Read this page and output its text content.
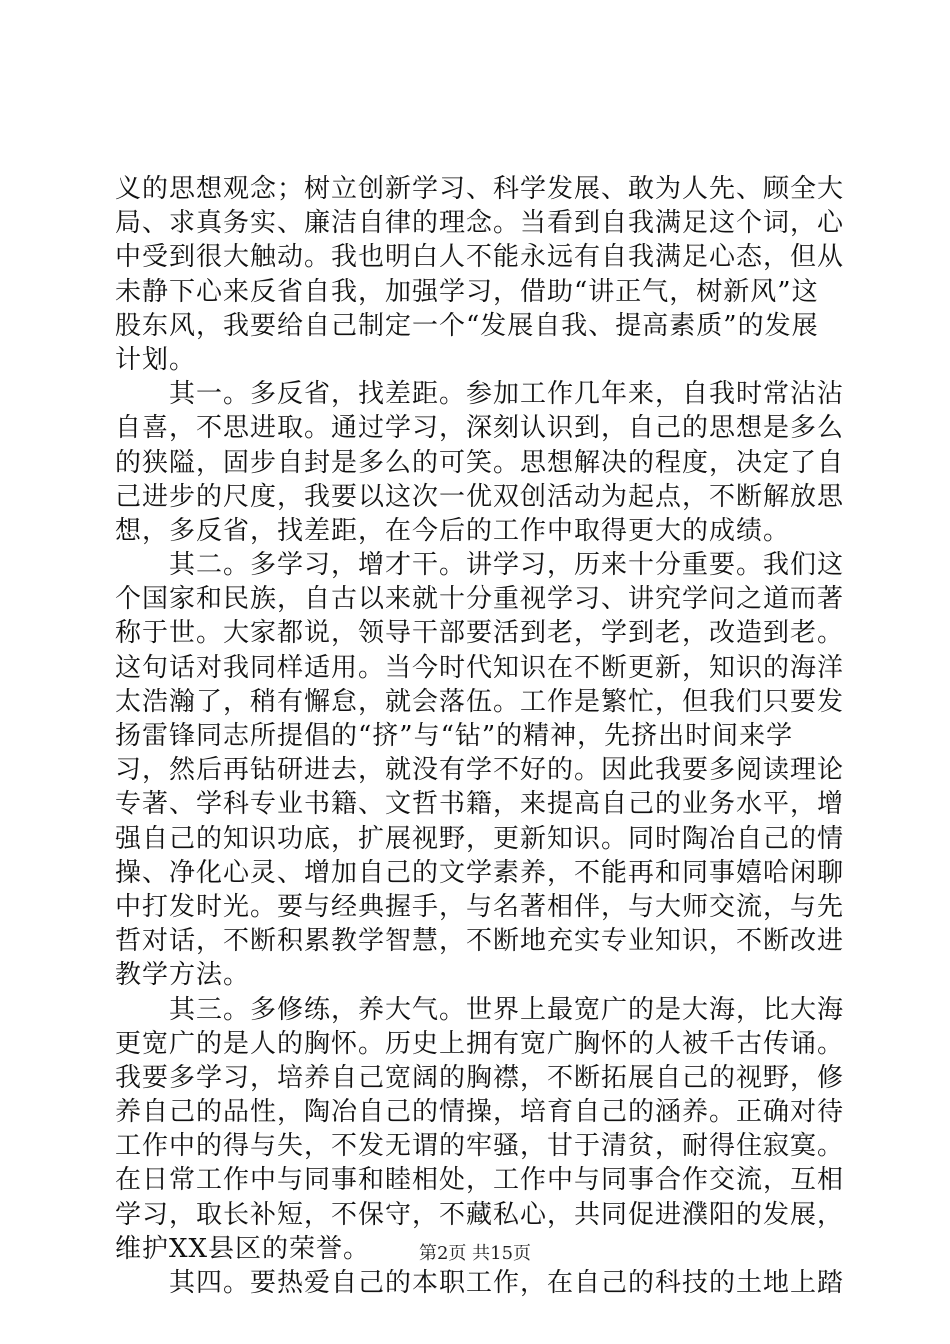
义的思想观念；树立创新学习、科学发展、敢为人先、顾全大
局、求真务实、廉洁自律的理念。当看到自我满足这个词，心
中受到很大触动。我也明白人不能永远有自我满足心态，但从
未静下心来反省自我，加强学习，借助“讲正气，树新风”这
股东风，我要给自己制定一个“发展自我、提高素质”的发展
计划。
　　其一。多反省，找差距。参加工作几年来，自我时常沾沾
自喜，不思进取。通过学习，深刻认识到，自己的思想是多么
的狭隘，固步自封是多么的可笑。思想解决的程度，决定了自
己进步的尺度，我要以这次一优双创活动为起点，不断解放思
想，多反省，找差距，在今后的工作中取得更大的成绩。
　　其二。多学习，增才干。讲学习，历来十分重要。我们这
个国家和民族，自古以来就十分重视学习、讲究学问之道而著
称于世。大家都说，领导干部要活到老，学到老，改造到老。
这句话对我同样适用。当今时代知识在不断更新，知识的海洋
太浩瀚了，稍有懈怠，就会落伍。工作是繁忙，但我们只要发
扬雷锋同志所提倡的“挤”与“钻”的精神，先挤出时间来学
习，然后再钻研进去，就没有学不好的。因此我要多阅读理论
专著、学科专业书籍、文哲书籍，来提高自己的业务水平，增
强自己的知识功底，扩展视野，更新知识。同时陶冶自己的情
操、净化心灵、增加自己的文学素养，不能再和同事嬉哈闲聊
中打发时光。要与经典握手，与名著相伴，与大师交流，与先
哲对话，不断积累教学智慧，不断地充实专业知识，不断改进
教学方法。
　　其三。多修练，养大气。世界上最宽广的是大海，比大海
更宽广的是人的胸怀。历史上拥有宽广胸怀的人被千古传诵。
我要多学习，培养自己宽阔的胸襟，不断拓展自己的视野，修
养自己的品性，陶冶自己的情操，培育自己的涵养。正确对待
工作中的得与失，不发无谓的牢骚，甘于清贫，耐得住寂寞。
在日常工作中与同事和睦相处，工作中与同事合作交流，互相
学习，取长补短，不保守，不藏私心，共同促进濮阳的发展，
维护XX县区的荣誉。
　　其四。要热爱自己的本职工作，在自己的科技的土地上踏
第2页 共15页
